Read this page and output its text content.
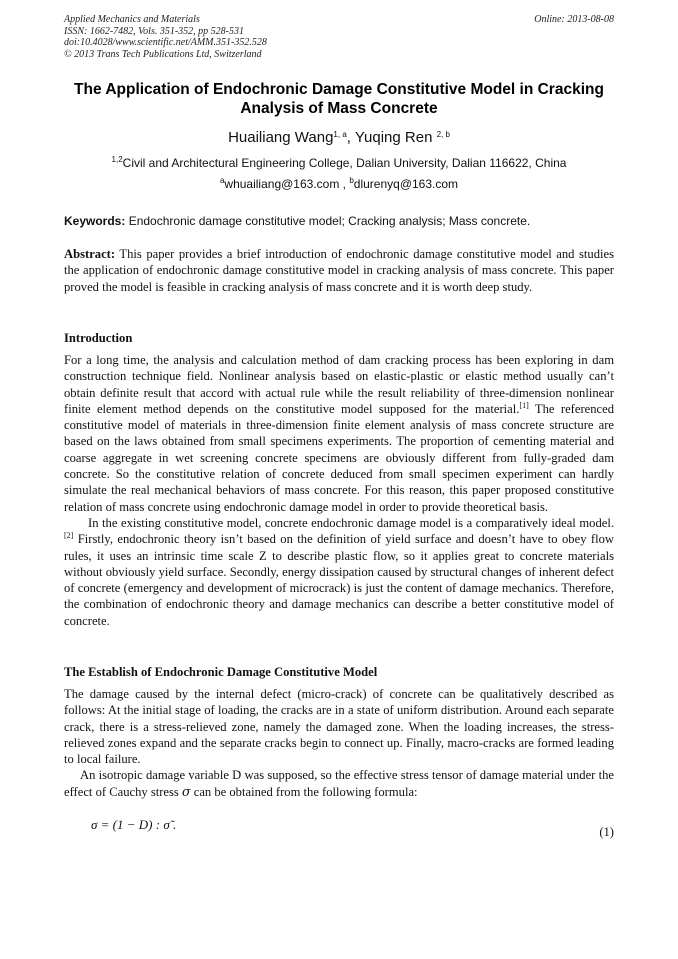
Applied Mechanics and Materials
ISSN: 1662-7482, Vols. 351-352, pp 528-531
doi:10.4028/www.scientific.net/AMM.351-352.528
© 2013 Trans Tech Publications Ltd, Switzerland
Online: 2013-08-08
The Application of Endochronic Damage Constitutive Model in Cracking
Analysis of Mass Concrete
Huailiang Wang$^{1, a}$, Yuqing Ren $^{2, b}$
$^{1,2}$Civil and Architectural Engineering College, Dalian University, Dalian 116622, China
$^a$whuailiang@163.com , $^b$dlurenyq@163.com
Keywords: Endochronic damage constitutive model; Cracking analysis; Mass concrete.

Abstract: This paper provides a brief introduction of endochronic damage constitutive model and studies the application of endochronic damage constitutive model in cracking analysis of mass concrete. This paper proved the model is feasible in cracking analysis of mass concrete and it is worth deep study.

Introduction

For a long time, the analysis and calculation method of dam cracking process has been exploring in dam construction technique field. Nonlinear analysis based on elastic-plastic or elastic method usually can’t obtain definite result that accord with actual rule while the result reliability of three-dimension nonlinear finite element method depends on the constitutive model supposed for the material.[1] The referenced constitutive model of materials in three-dimension finite element analysis of mass concrete structure are based on the laws obtained from small specimens experiments. The proportion of cementing material and coarse aggregate in wet screening concrete specimens are obviously different from fully-graded dam concrete. So the constitutive relation of concrete deduced from small specimen experiment can hardly simulate the real mechanical behaviors of mass concrete. For this reason, this paper proposed constitutive relation of mass concrete using endochronic damage model in order to provide theoretical basis.

In the existing constitutive model, concrete endochronic damage model is a comparatively ideal model.[2] Firstly, endochronic theory isn’t based on the definition of yield surface and doesn’t have to obey flow rules, it uses an intrinsic time scale Z to describe plastic flow, so it applies great to concrete materials without obviously yield surface. Secondly, energy dissipation caused by structural changes of inherent defect of concrete (emergency and development of microcrack) is just the content of damage mechanics. Therefore, the combination of endochronic theory and damage mechanics can describe a better constitutive model of concrete.

The Establish of Endochronic Damage Constitutive Model

The damage caused by the internal defect (micro-crack) of concrete can be qualitatively described as follows: At the initial stage of loading, the cracks are in a state of uniform distribution. Around each separate crack, there is a stress-relieved zone, namely the damaged zone. When the loading increases, the stress-relieved zones expand and the separate cracks begin to connect up. Finally, macro-cracks are formed leading to local failure.

An isotropic damage variable D was supposed, so the effective stress tensor of damage material under the effect of Cauchy stress σ can be obtained from the following formula:

σ = (1 − D) : σ̃ .	(1)
